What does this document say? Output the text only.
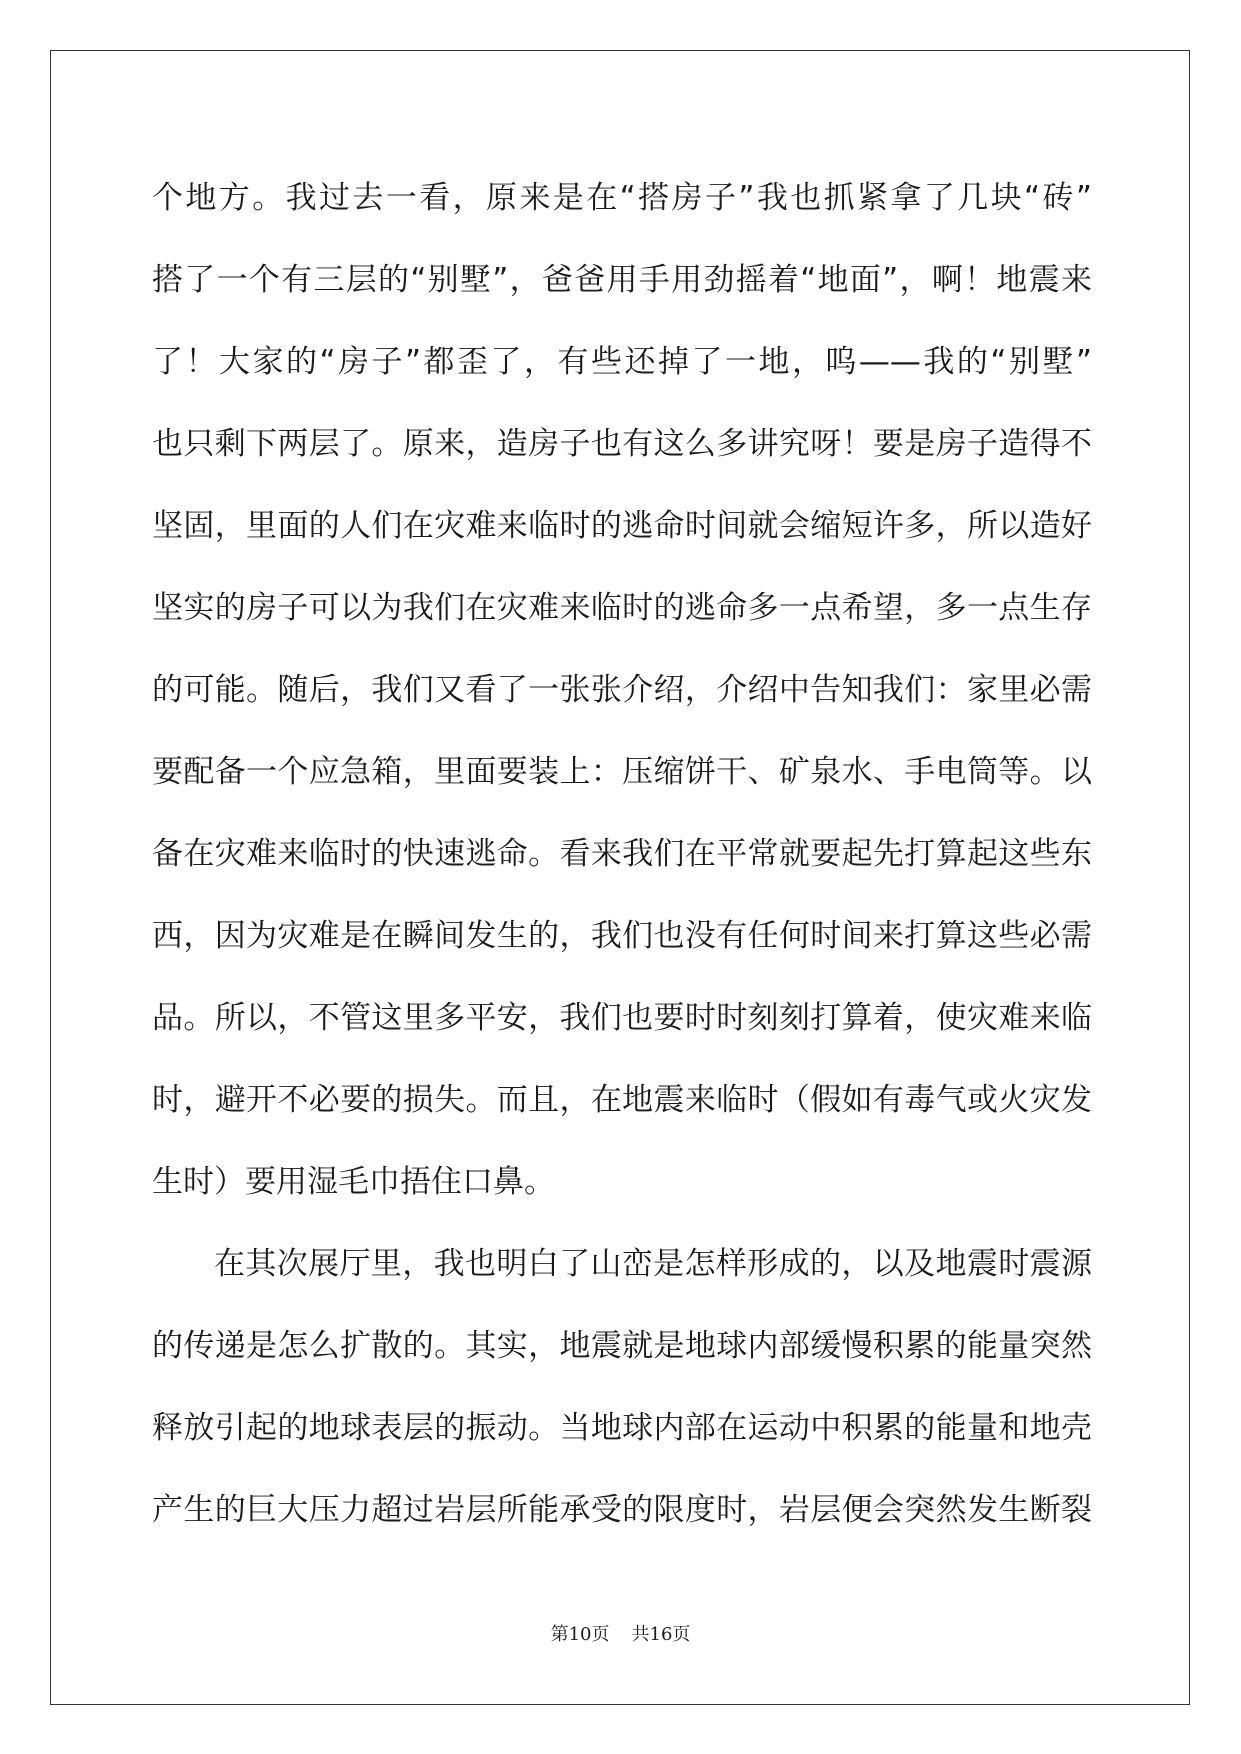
个地方。我过去一看，原来是在“搭房子”我也抓紧拿了几块“砖”
搭了一个有三层的“别墅”，爸爸用手用劲摇着“地面”，啊！地震来
了！大家的“房子”都歪了，有些还掉了一地，呜——我的“别墅”
也只剩下两层了。原来，造房子也有这么多讲究呀！要是房子造得不
坚固，里面的人们在灾难来临时的逃命时间就会缩短许多，所以造好
坚实的房子可以为我们在灾难来临时的逃命多一点希望，多一点生存
的可能。随后，我们又看了一张张介绍，介绍中告知我们：家里必需
要配备一个应急箱，里面要装上：压缩饼干、矿泉水、手电筒等。以
备在灾难来临时的快速逃命。看来我们在平常就要起先打算起这些东
西，因为灾难是在瞬间发生的，我们也没有任何时间来打算这些必需
品。所以，不管这里多平安，我们也要时时刻刻打算着，使灾难来临
时，避开不必要的损失。而且，在地震来临时（假如有毒气或火灾发
生时）要用湿毛巾捂住口鼻。
在其次展厅里，我也明白了山峦是怎样形成的，以及地震时震源
的传递是怎么扩散的。其实，地震就是地球内部缓慢积累的能量突然
释放引起的地球表层的振动。当地球内部在运动中积累的能量和地壳
产生的巨大压力超过岩层所能承受的限度时，岩层便会突然发生断裂
第10页 共16页
